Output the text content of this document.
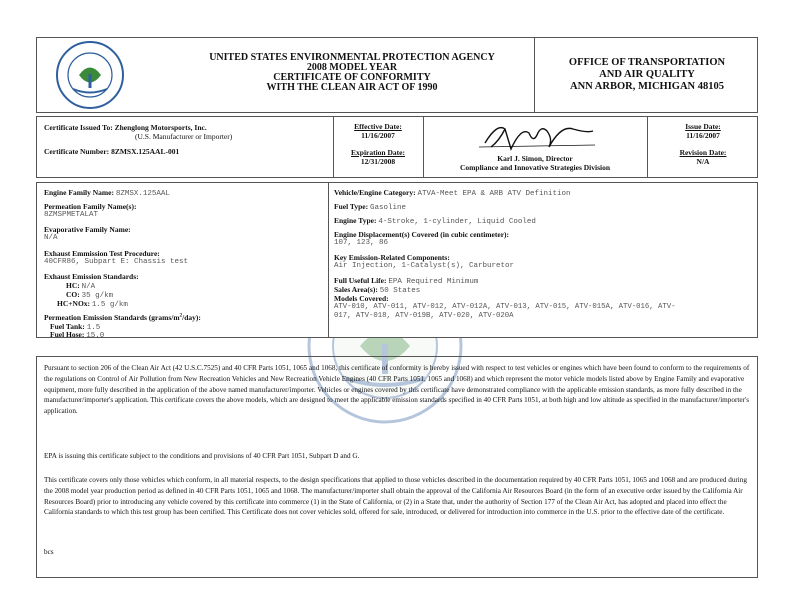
UNITED STATES ENVIRONMENTAL PROTECTION AGENCY
2008 MODEL YEAR
CERTIFICATE OF CONFORMITY
WITH THE CLEAN AIR ACT OF 1990
OFFICE OF TRANSPORTATION
AND AIR QUALITY
ANN ARBOR, MICHIGAN 48105
Certificate Issued To: Zhenglong Motorsports, Inc.
(U.S. Manufacturer or Importer)
Certificate Number: 8ZMSX.125AAL-001
Effective Date:
11/16/2007
Expiration Date:
12/31/2008	Karl J. Simon, Director
Compliance and Innovative Strategies Division
Issue Date:
11/16/2007
Revision Date:
N/A
Engine Family Name: 8ZMSX.125AAL
Permeation Family Name(s):
8ZMSPMETALAT
Evaporative Family Name:
N/A
Exhaust Emmission Test Procedure:
40CFR86, Subpart E: Chassis test
Exhaust Emission Standards:
HC: N/A
CO: 35 g/km
HC+NOx: 1.5 g/km
Permeation Emission Standards $(grams/m^2/day)$:
Fuel Tank: 1.5
Fuel Hose: 15.0
Vehicle/Engine Category: ATVA-Meet EPA & ARB ATV Definition
Fuel Type: Gasoline
Engine Type: 4-Stroke, 1-cylinder, Liquid Cooled
Engine Displacement(s) Covered (in cubic centimeter):
107, 123, 86
Key Emission-Related Components:
Air Injection, 1-Catalyst(s), Carburetor
Full Useful Life: EPA Required Minimum
Sales Area(s): 50 States
Models Covered:
ATV-010, ATV-011, ATV-012, ATV-012A, ATV-013, ATV-015, ATV-015A, ATV-016, ATV-
017, ATV-018, ATV-019B, ATV-020, ATV-020A

Pursuant to section 206 of the Clean Air Act (42 U.S.C.7525) and 40 CFR Parts 1051, 1065 and 1068, this certificate of conformity is hereby issued with respect to test vehicles or engines which have been found to conform to the requirements of the regulations on Control of Air Pollution from New Recreation Vehicles and New Recreation Vehicle Engines (40 CFR Parts 1051, 1065 and 1068) and which represent the motor vehicle models listed above by Engine Family and evaporative equipment, more fully described in the application of the above named manufacturer/importer. Vehicles or engines covered by this certificate have demonstrated compliance with the applicable emission standards, as more fully described in the manufacturer/importer's application. This certificate covers the above models, which are designed to meet the applicable emission standards specified in 40 CFR Parts 1051, at both high and low altitude as specified in the manufacturer/importer's application.

EPA is issuing this certificate subject to the conditions and provisions of 40 CFR Part 1051, Subpart D and G.

This certificate covers only those vehicles which conform, in all material respects, to the design specifications that applied to those vehicles described in the documentation required by 40 CFR Parts 1051, 1065 and 1068 and are produced during the 2008 model year production period as defined in 40 CFR Parts 1051, 1065 and 1068. The manufacturer/importer shall obtain the approval of the California Air Resources Board (in the form of an executive order issued by the California Air Resources Board) prior to introducing any vehicle covered by this certificate into commerce (1) in the State of California, or (2) in a State that, under the authority of Section 177 of the Clean Air Act, has adopted and placed into effect the California standards to which this test group has been certified. This Certificate does not cover vehicles sold, offered for sale, introduced, or delivered for introduction into commerce in the U.S. prior to the effective date of the certificate.

bcs
